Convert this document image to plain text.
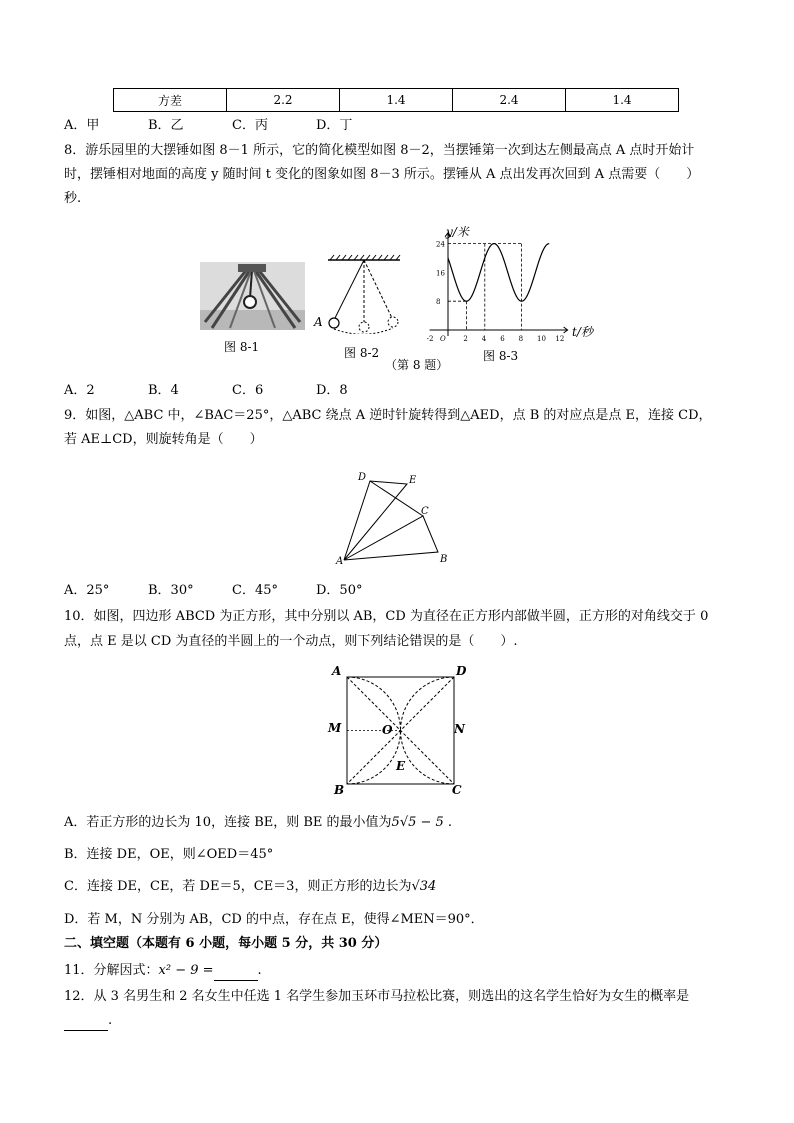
方差	2.2	1.4	2.4	1.4
A．甲	B．乙	C．丙	D．丁
8．游乐园里的大摆锤如图 8－1 所示，它的简化模型如图 8－2，当摆锤第一次到达左侧最高点 A 点时开始计
时，摆锤相对地面的高度 y 随时间 t 变化的图象如图 8－3 所示。摆锤从 A 点出发再次回到 A 点需要（　　）
秒.
图 8-1
A
图 8-2
（第 8 题）
y/米
t/秒
-2 O	2 4 6 8 10 12
8
16
24
图 8-3
A．2	B．4	C．6	D．8
9．如图，△ABC 中，∠BAC＝25°，△ABC 绕点 A 逆时针旋转得到△AED，点 B 的对应点是点 E，连接 CD，
若 AE⊥CD，则旋转角是（　　）
D	E
C
A	B
A．25°	B．30°	C．45°	D．50°
10．如图，四边形 ABCD 为正方形，其中分别以 AB，CD 为直径在正方形内部做半圆，正方形的对角线交于 0
点，点 E 是以 CD 为直径的半圆上的一个动点，则下列结论错误的是（　　）.
A	D
M	O	N
E
B	C
A．若正方形的边长为 10，连接 BE，则 BE 的最小值为5√5 − 5 .
B．连接 DE，OE，则∠OED＝45°
C．连接 DE，CE，若 DE＝5，CE＝3，则正方形的边长为√34
D．若 M，N 分别为 AB，CD 的中点，存在点 E，使得∠MEN＝90°．
二、填空题（本题有 6 小题，每小题 5 分，共 30 分）
11．分解因式：x² − 9 =	.
12．从 3 名男生和 2 名女生中任选 1 名学生参加玉环市马拉松比赛，则选出的这名学生恰好为女生的概率是
.
